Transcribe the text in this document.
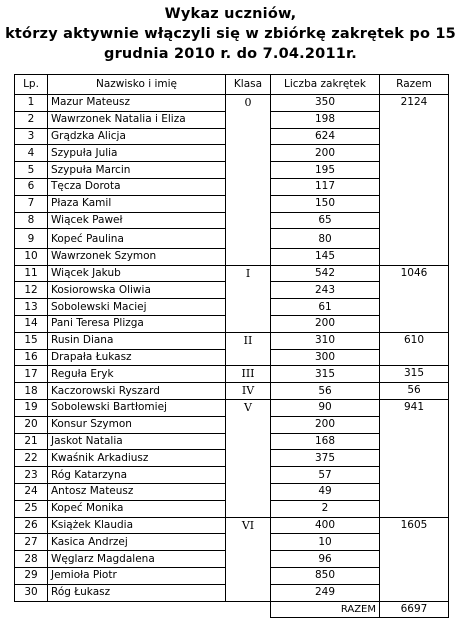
Wykaz uczniów,
którzy aktywnie włączyli się w zbiórkę zakrętek po 15
grudnia 2010 r. do 7.04.2011r.
Lp.	Nazwisko i imię	Klasa	Liczba zakrętek	Razem
1	Mazur Mateusz	0	350	2124
2	Wawrzonek Natalia i Eliza		198	
3	Grądzka Alicja		624	
4	Szypuła Julia		200	
5	Szypuła Marcin		195	
6	Tęcza Dorota		117	
7	Płaza Kamil		150	
8	Wiącek Paweł		65	
9	Kopeć Paulina		80	
10	Wawrzonek Szymon		145	
11	Wiącek Jakub	I	542	1046
12	Kosiorowska Oliwia		243	
13	Sobolewski Maciej		61	
14	Pani Teresa Plizga		200	
15	Rusin Diana	II	310	610
16	Drapała Łukasz		300	
17	Reguła Eryk	III	315	315
18	Kaczorowski Ryszard	IV	56	56
19	Sobolewski Bartłomiej	V	90	941
20	Konsur Szymon		200	
21	Jaskot Natalia		168	
22	Kwaśnik Arkadiusz		375	
23	Róg Katarzyna		57	
24	Antosz Mateusz		49	
25	Kopeć Monika		2	
26	Książek Klaudia	VI	400	1605
27	Kasica Andrzej		10	
28	Węglarz Magdalena		96	
29	Jemioła Piotr		850	
30	Róg Łukasz		249	
			RAZEM	6697
